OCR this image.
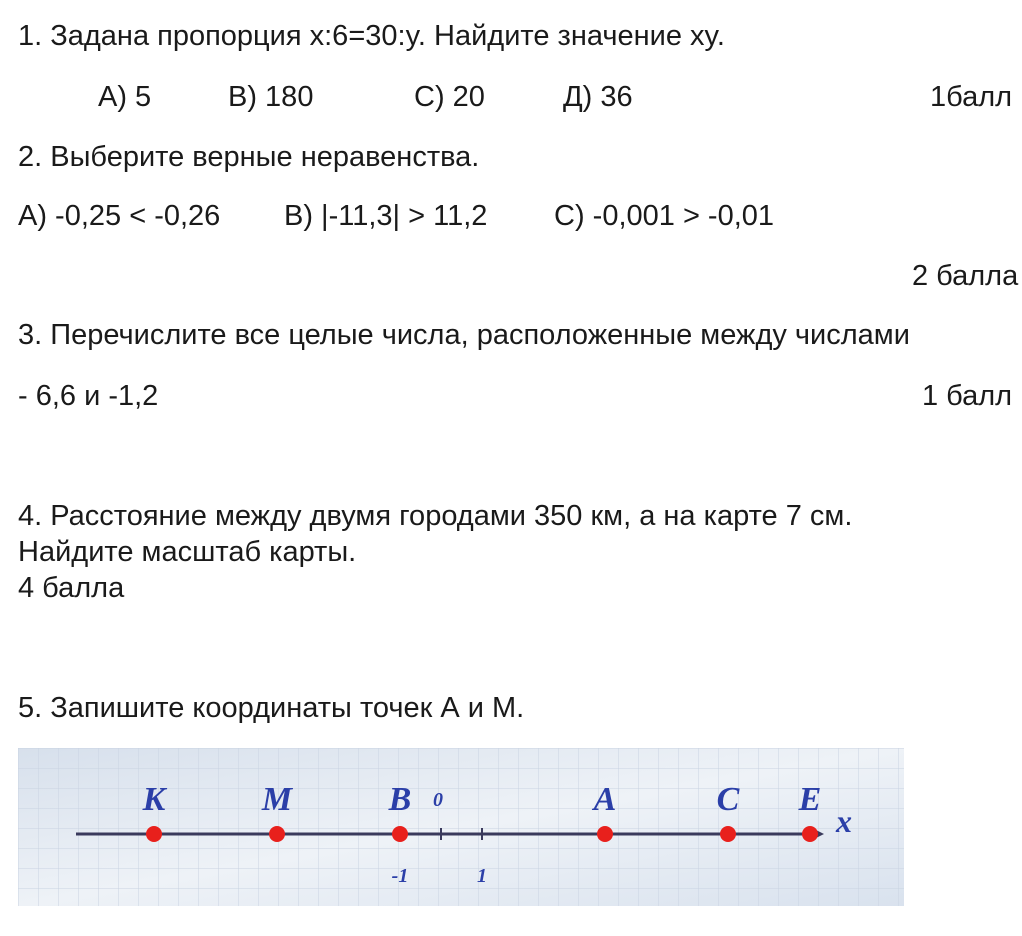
1. Задана пропорция x:6=30:y. Найдите значение xy.
А) 5	В) 180	С) 20	Д) 36	1балл
2. Выберите верные неравенства.
А) -0,25 < -0,26 В) |-11,3| > 11,2 С) -0,001 > -0,01
2 балла
3. Перечислите все целые числа, расположенные между числами
- 6,6 и -1,2	1 балл
4. Расстояние между двумя городами 350 км, а на карте 7 см.
Найдите масштаб карты.
4 балла
5. Запишите координаты точек А и М.
x
0
-1	1
K	M	B	A	C E
